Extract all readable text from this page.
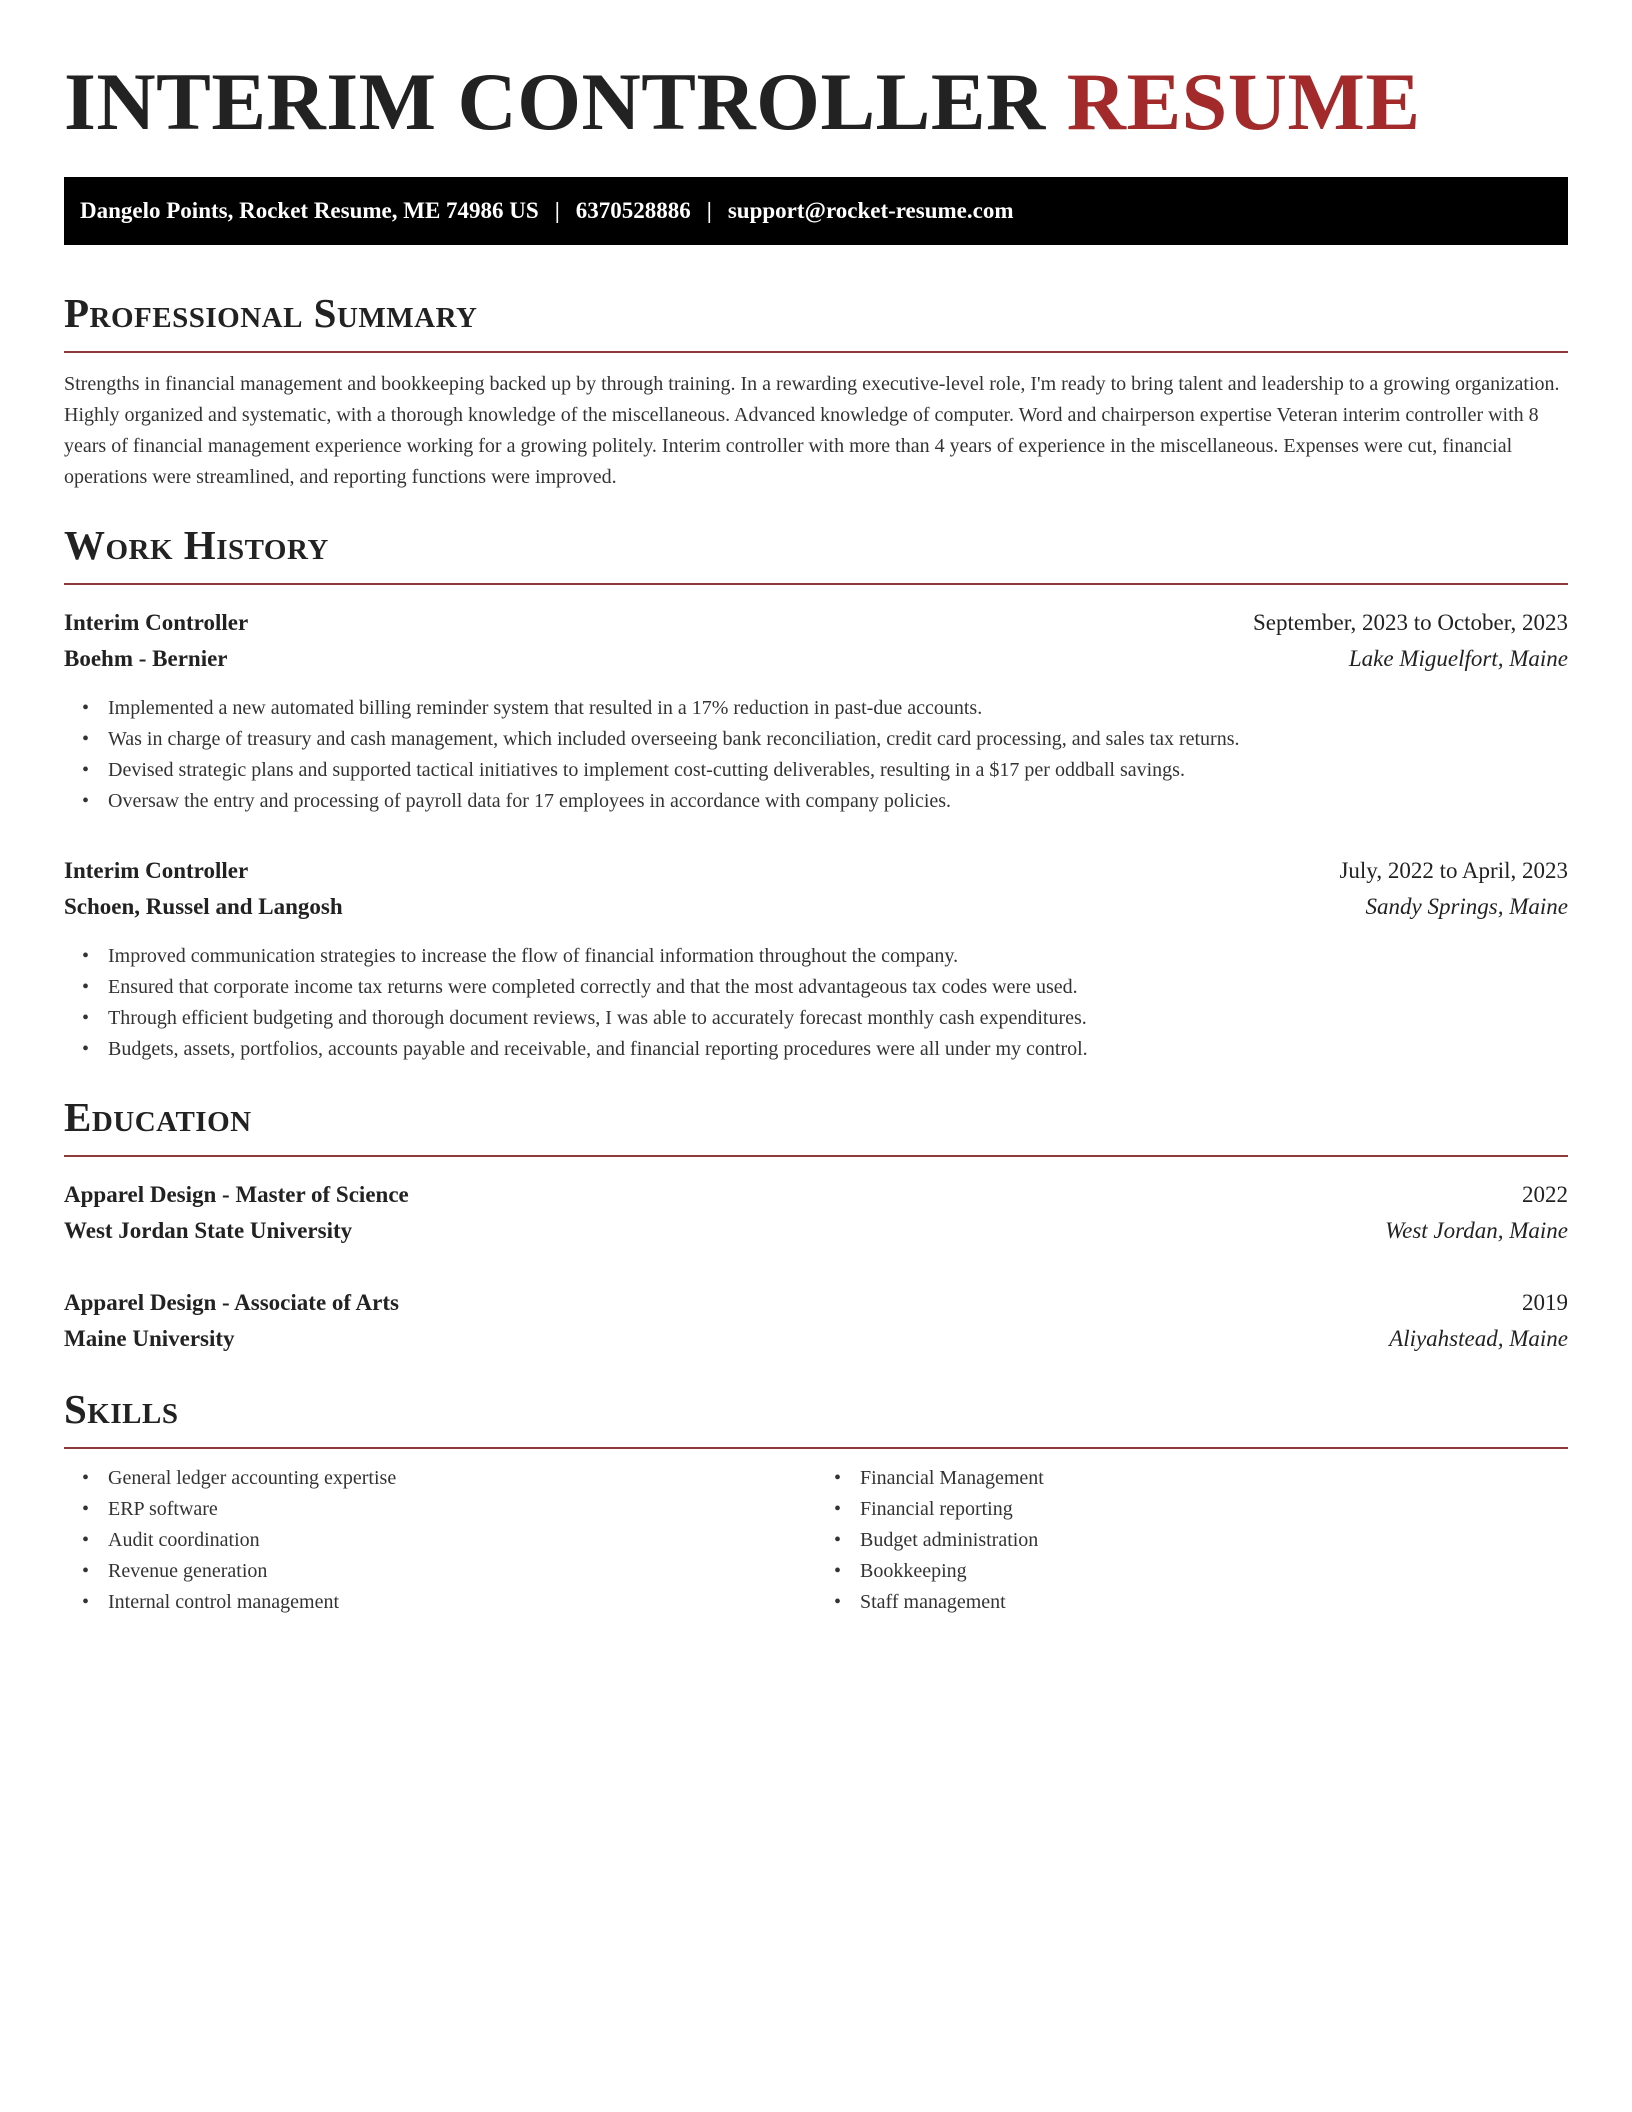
INTERIM CONTROLLER RESUME
Dangelo Points, Rocket Resume, ME 74986 US | 6370528886 | support@rocket-resume.com
Professional Summary

Strengths in financial management and bookkeeping backed up by through training. In a rewarding executive-level role, I'm ready to bring talent and leadership to a growing organization. Highly organized and systematic, with a thorough knowledge of the miscellaneous. Advanced knowledge of computer. Word and chairperson expertise Veteran interim controller with 8 years of financial management experience working for a growing politely. Interim controller with more than 4 years of experience in the miscellaneous. Expenses were cut, financial operations were streamlined, and reporting functions were improved.

Work History
Interim Controller	September, 2023 to October, 2023
Boehm - Bernier	Lake Miguelfort, Maine
• Implemented a new automated billing reminder system that resulted in a 17% reduction in past-due accounts.
• Was in charge of treasury and cash management, which included overseeing bank reconciliation, credit card processing, and sales tax returns.
• Devised strategic plans and supported tactical initiatives to implement cost-cutting deliverables, resulting in a $17 per oddball savings.
• Oversaw the entry and processing of payroll data for 17 employees in accordance with company policies.
Interim Controller	July, 2022 to April, 2023
Schoen, Russel and Langosh	Sandy Springs, Maine
• Improved communication strategies to increase the flow of financial information throughout the company.
• Ensured that corporate income tax returns were completed correctly and that the most advantageous tax codes were used.
• Through efficient budgeting and thorough document reviews, I was able to accurately forecast monthly cash expenditures.
• Budgets, assets, portfolios, accounts payable and receivable, and financial reporting procedures were all under my control.
Education
Apparel Design - Master of Science	2022
West Jordan State University	West Jordan, Maine
Apparel Design - Associate of Arts	2019
Maine University	Aliyahstead, Maine
Skills
• General ledger accounting expertise
• ERP software
• Audit coordination
• Revenue generation
• Internal control management
• Financial Management
• Financial reporting
• Budget administration
• Bookkeeping
• Staff management
